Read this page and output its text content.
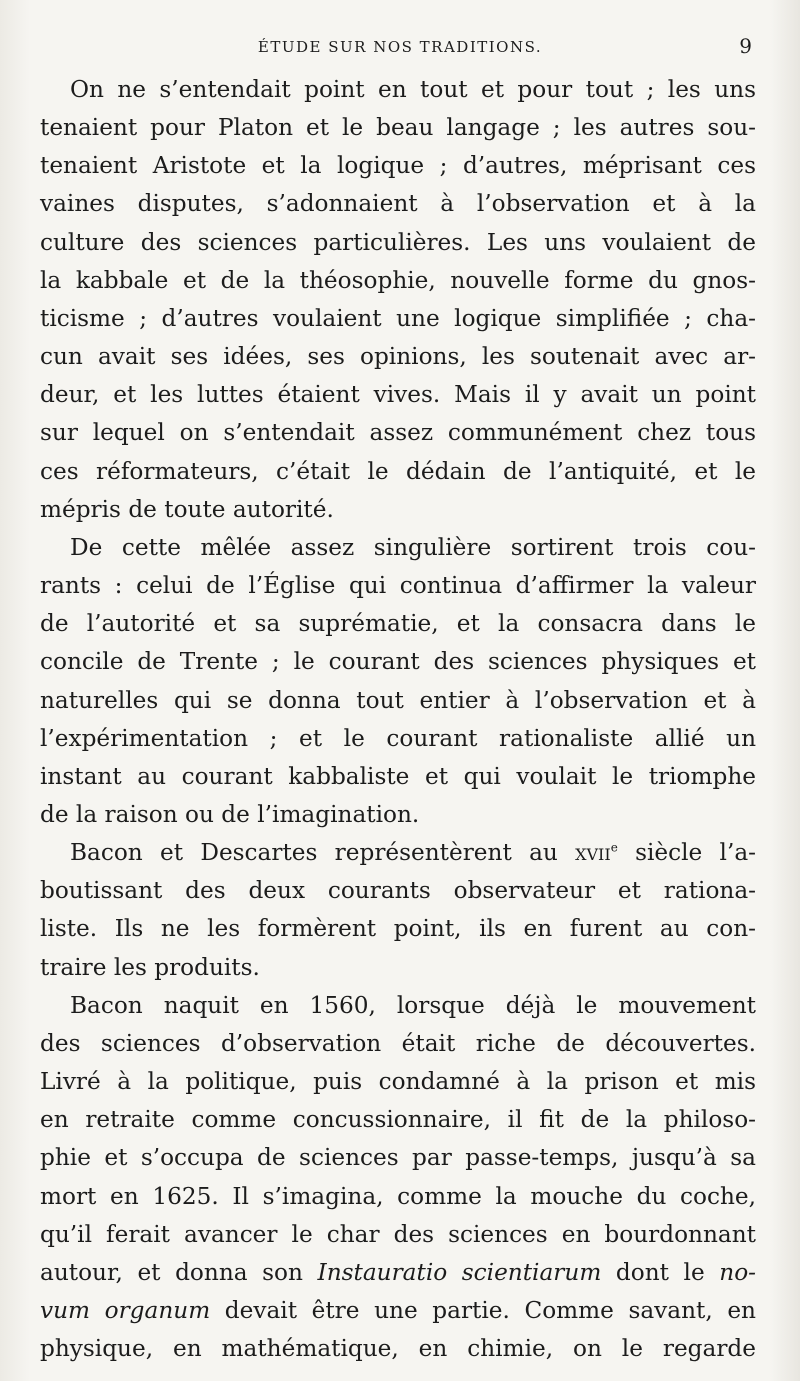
ÉTUDE SUR NOS TRADITIONS.	9

On ne s’entendait point en tout et pour tout ; les uns
tenaient pour Platon et le beau langage ; les autres sou-
tenaient Aristote et la logique ; d’autres, méprisant ces
vaines disputes, s’adonnaient à l’observation et à la
culture des sciences particulières. Les uns voulaient de
la kabbale et de la théosophie, nouvelle forme du gnos-
ticisme ; d’autres voulaient une logique simplifiée ; cha-
cun avait ses idées, ses opinions, les soutenait avec ar-
deur, et les luttes étaient vives. Mais il y avait un point
sur lequel on s’entendait assez communément chez tous
ces réformateurs, c’était le dédain de l’antiquité, et le
mépris de toute autorité.

De cette mêlée assez singulière sortirent trois cou-
rants : celui de l’Église qui continua d’affirmer la valeur
de l’autorité et sa suprématie, et la consacra dans le
concile de Trente ; le courant des sciences physiques et
naturelles qui se donna tout entier à l’observation et à
l’expérimentation ; et le courant rationaliste allié un
instant au courant kabbaliste et qui voulait le triomphe
de la raison ou de l’imagination.

Bacon et Descartes représentèrent au xvii$^e$ siècle l’a-
boutissant des deux courants observateur et rationa-
liste. Ils ne les formèrent point, ils en furent au con-
traire les produits.

Bacon naquit en 1560, lorsque déjà le mouvement
des sciences d’observation était riche de découvertes.
Livré à la politique, puis condamné à la prison et mis
en retraite comme concussionnaire, il fit de la philoso-
phie et s’occupa de sciences par passe-temps, jusqu’à sa
mort en 1625. Il s’imagina, comme la mouche du coche,
qu’il ferait avancer le char des sciences en bourdonnant
autour, et donna son Instauratio scientiarum dont le no-
vum organum devait être une partie. Comme savant, en
physique, en mathématique, en chimie, on le regarde
